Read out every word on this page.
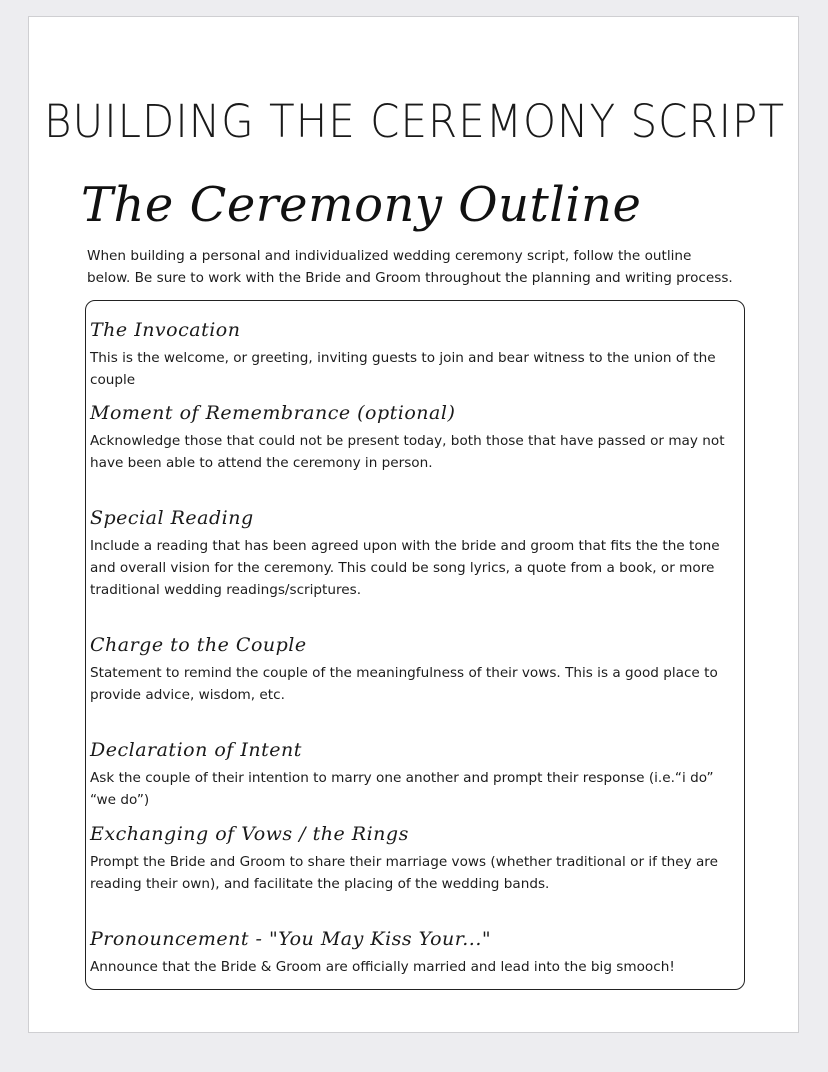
BUILDING THE CEREMONY SCRIPT
The Ceremony Outline
When building a personal and individualized wedding ceremony script, follow the outline below. Be sure to work with the Bride and Groom throughout the planning and writing process.
The Invocation
This is the welcome, or greeting, inviting guests to join and bear witness to the union of the couple
Moment of Remembrance (optional)
Acknowledge those that could not be present today, both those that have passed or may not have been able to attend the ceremony in person.
Special Reading
Include a reading that has been agreed upon with the bride and groom that fits the the tone and overall vision for the ceremony. This could be song lyrics, a quote from a book, or more traditional wedding readings/scriptures.
Charge to the Couple
Statement to remind the couple of the meaningfulness of their vows. This is a good place to provide advice, wisdom, etc.
Declaration of Intent
Ask the couple of their intention to marry one another and prompt their response (i.e.“i do” “we do”)
Exchanging of Vows / the Rings
Prompt the Bride and Groom to share their marriage vows (whether traditional or if they are reading their own), and facilitate the placing of the wedding bands.
Pronouncement - "You May Kiss Your..."
Announce that the Bride & Groom are officially married and lead into the big smooch!
